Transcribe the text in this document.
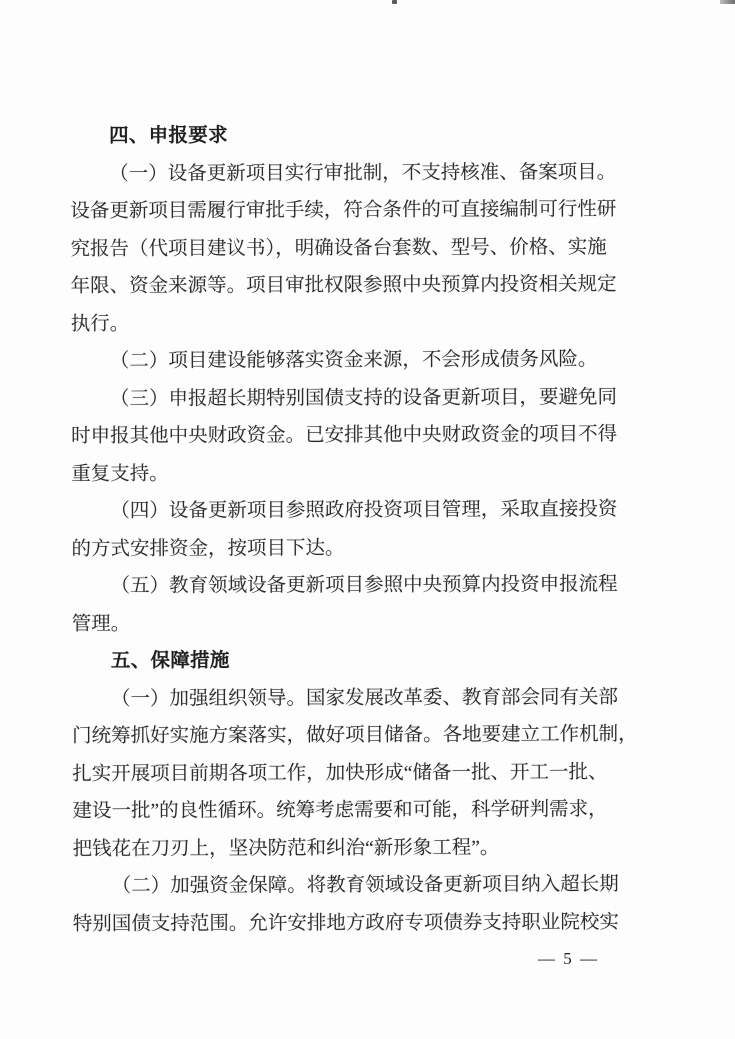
四、申报要求

（一）设备更新项目实行审批制，不支持核准、备案项目。
设备更新项目需履行审批手续，符合条件的可直接编制可行性研
究报告（代项目建议书），明确设备台套数、型号、价格、实施
年限、资金来源等。项目审批权限参照中央预算内投资相关规定
执行。

（二）项目建设能够落实资金来源，不会形成债务风险。

（三）申报超长期特别国债支持的设备更新项目，要避免同
时申报其他中央财政资金。已安排其他中央财政资金的项目不得
重复支持。

（四）设备更新项目参照政府投资项目管理，采取直接投资
的方式安排资金，按项目下达。

（五）教育领域设备更新项目参照中央预算内投资申报流程
管理。

五、保障措施

（一）加强组织领导。国家发展改革委、教育部会同有关部
门统筹抓好实施方案落实，做好项目储备。各地要建立工作机制，
扎实开展项目前期各项工作，加快形成“储备一批、开工一批、
建设一批”的良性循环。统筹考虑需要和可能，科学研判需求，
把钱花在刀刃上，坚决防范和纠治“新形象工程”。

（二）加强资金保障。将教育领域设备更新项目纳入超长期
特别国债支持范围。允许安排地方政府专项债券支持职业院校实

— 5 —
